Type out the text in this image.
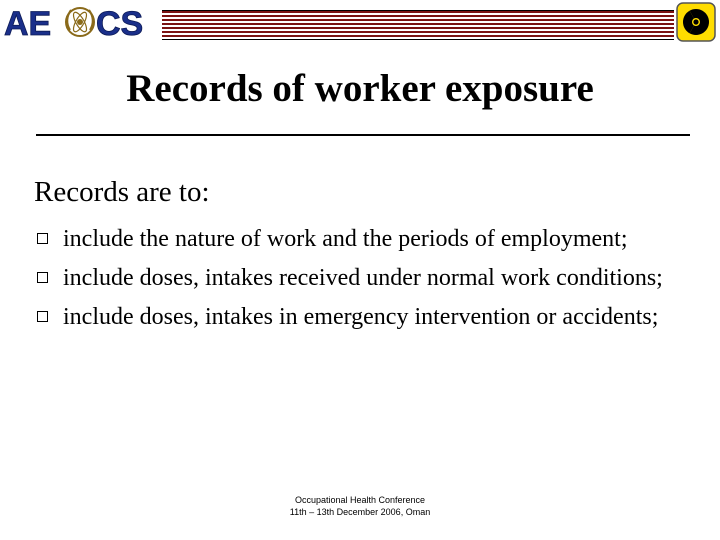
AE CS
Records of worker exposure
Records are to:
include the nature of work and the periods of employment;
include doses, intakes received under normal work conditions;
include doses, intakes in emergency intervention or accidents;
Occupational Health Conference
11th – 13th December 2006, Oman
